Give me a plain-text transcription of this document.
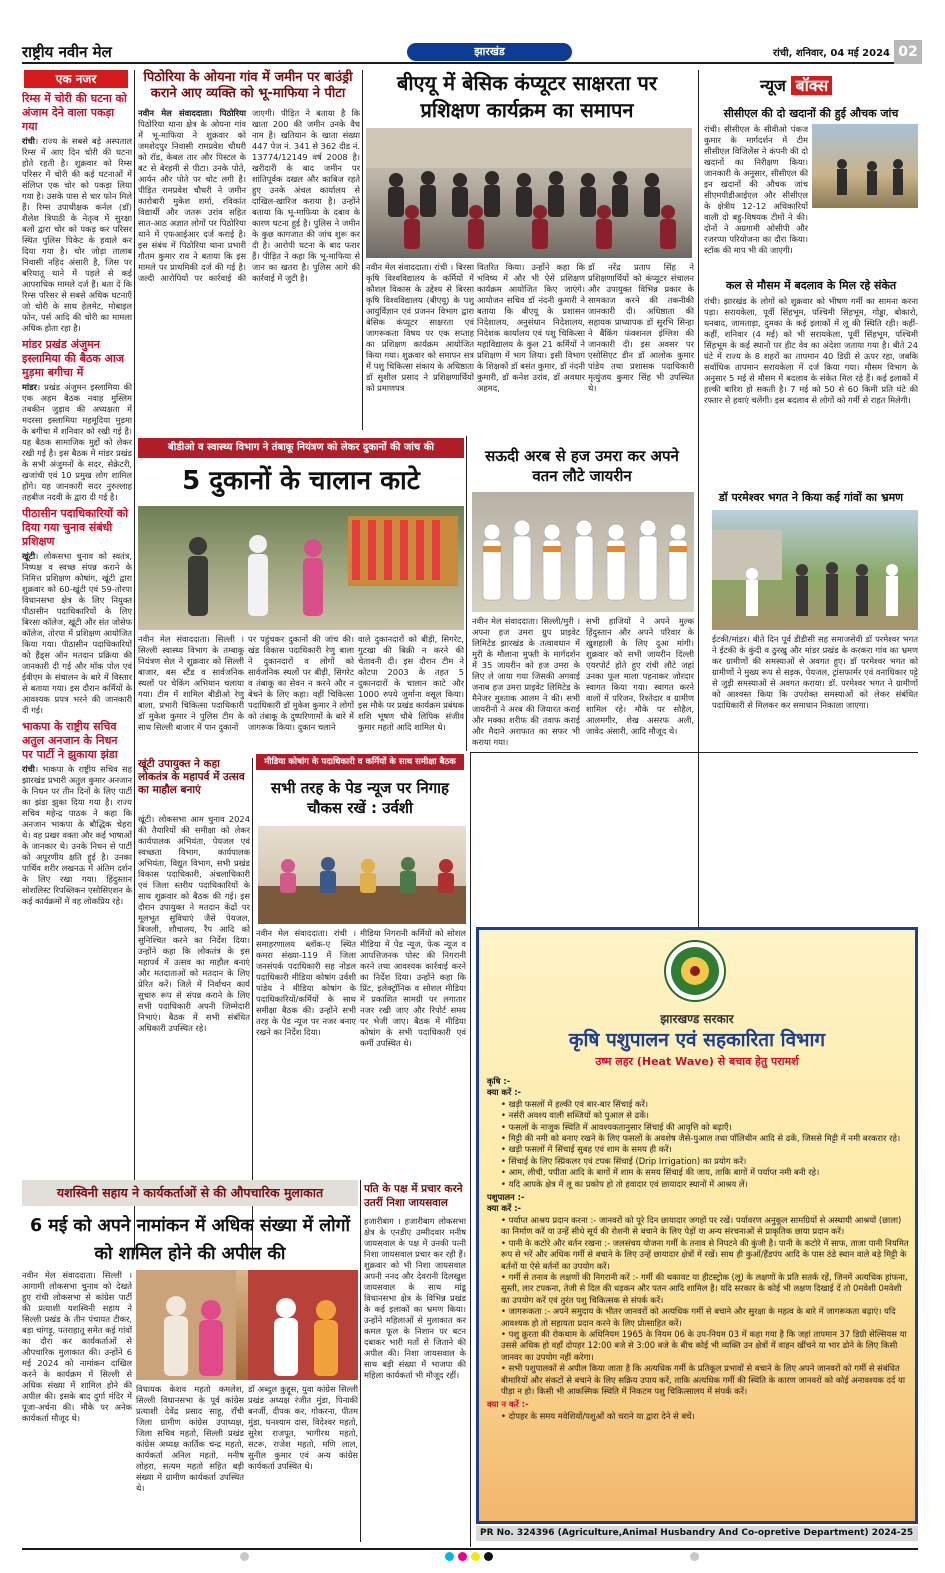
राष्ट्रीय नवीन मेल	झारखंड	रांची, शनिवार, 04 मई 2024 02
एक नजर
रिम्स में चोरी की घटना को अंजाम देने वाला पकड़ा गया
रांची। राज्य के सबसे बड़े अस्पताल रिम्स में आए दिन चोरी की घटना होते रहती है। शुक्रवार को रिम्स परिसर में चोरी की कई घटनाओं में संलिप्त एक चोर को पकड़ा लिया गया है। उसके पास से चार फोन मिले हैं। रिम्स उपाधीक्षक कर्नल (डॉ) शैलेश त्रिपाठी के नेतृत्व में सुरक्षा बलों द्वारा चोर को पकड़ कर परिसर स्थित पुलिस पिकेट के हवाले कर दिया गया है। चोर जोड़ा तालाब निवासी नहिद अंसारी है, जिस पर बरियातू थाने में पहले से कई आपराधिक मामले दर्ज हैं। बता दें कि रिम्स परिसर से सबसे अधिक घटनाएँ जो चोरी के साथ हेलमेट, मोबाइल फोन, पर्स आदि की चोरी का मामला अधिक होता रहा है।
मांडर प्रखंड अंजुमन इस्लामिया की बैठक आज मुड़मा बगीचा में
मांडर। प्रखंड अंजुमन इस्लामिया की एक अहम बैठक नवाह मुस्लिम तबकीन जुड़ाव की अध्यक्षता में मदरसा इस्लामिया महमूदिया मुड़मा के बगीचा में शनिवार को रखी गई है। यह बैठक सामाजिक मुद्दों को लेकर रखी गई है। इस बैठक में मांडर प्रखंड के सभी अंजुमनों के सदर, सेक्रेटरी, खजांची एवं 10 प्रमुख लोग शामिल होंगे। यह जानकारी सदर नुरुल्लाह तहबीज नदवी के द्वारा दी गई है।
पीठासीन पदाधिकारियों को दिया गया चुनाव संबंधी प्रशिक्षण
खूंटी। लोकसभा चुनाव को स्वतंत्र, निष्पक्ष व स्वच्छ संपन्न कराने के निमित्त प्रशिक्षण कोषांग, खूंटी द्वारा शुक्रवार को 60-खूंटी एवं 59-तोरपा विधानसभा क्षेत्र के लिए नियुक्त पीठासीन पदाधिकारियों के लिए बिरसा कॉलेज, खूंटी और संत जोसेफ कॉलेज, तोरपा में प्रशिक्षण आयोजित किया गया। पीठासीन पदाधिकारियों को हैंड्स ऑन मतदान प्रक्रिया की जानकारी दी गई और मॉक पोल एवं ईवीएम के संचालन के बारे में विस्तार से बताया गया। इस दौरान कर्मियों के आवश्यक प्रपत्र भरने की जानकारी दी गई।
भाकपा के राष्ट्रीय सचिव अतुल अनजान के निधन पर पार्टी ने झुकाया झंडा
रांची। भाकपा के राष्ट्रीय सचिव सह झारखंड प्रभारी अतुल कुमार अनजान के निधन पर तीन दिनों के लिए पार्टी का झंडा झुका दिया गया है। राज्य सचिव महेन्द्र पाठक ने कहा कि अनजान भाकपा के बौद्धिक चेहरा थे। वह प्रखर वक्ता और कई भाषाओं के जानकार थे। उनके निधन से पार्टी को अपूरणीय क्षति हुई है। उनका पार्थिव शरीर लखनऊ में अंतिम दर्शन के लिए रखा गया। हिंदुस्तान सोशलिस्ट रिपब्लिकन एसोसिएशन के कई कार्यक्रमों में वह लोकप्रिय रहे।
पिठोरिया के ओयना गांव में जमीन पर बाउंड्री कराने आए व्यक्ति को भू-माफिया ने पीटा
नवीन मेल संवाददाता। पिठोरिया पिठोरिया थाना क्षेत्र के ओयना गांव में भू-माफिया ने शुक्रवार को जमशेदपुर निवासी रामप्रवेश चौधरी को रॉड, केबल तार और पिस्टल के बट से बेरहमी से पीटा। उनके पोते, आर्यन और पोते पर चोट लगी है। पीड़ित रामप्रवेश चौधरी ने जमीन कारोबारी मुकेश शर्मा, रविकांत विद्यार्थी और जतरू उरांव सहित सात-आठ अज्ञात लोगों पर पिठोरिया थाने में एफआईआर दर्ज कराई है। इस संबंध में पिठोरिया थाना प्रभारी गौतम कुमार राव ने बताया कि इस मामले पर प्राथमिकी दर्ज की गई है। जल्दी आरोपियों पर कार्रवाई की जाएगी। पीड़ित ने बताया है कि खाता 200 की जमीन उनके वैध नाम है। खतियान के खाता संख्या 447 पेज नं. 341 से 362 दीड नं. 13774/12149 वर्ष 2008 है। खरीदारी के बाद जमीन पर शांतिपूर्वक दखल और काबिज रहते हुए उनके अंचल कार्यालय से दाखिल-खारिज कराया है। उन्होंने बताया कि भू-माफिया के दबाव के कारण घटना हुई है। पुलिस ने जमीन के कुछ कागजात की जांच शुरू कर दी है। आरोपी घटना के बाद फरार हैं। पीड़ित ने कहा कि भू-माफिया से जान का खतरा है। पुलिस आगे की कार्रवाई में जुटी है।
बीएयू में बेसिक कंप्यूटर साक्षरता पर प्रशिक्षण कार्यक्रम का समापन
नवीन मेल संवाददाता। रांची । बिरसा कृषि विश्वविद्यालय के कर्मियों में कौशल विकास के उद्देश्य से बिरसा कृषि विश्वविद्यालय (बीएयू) के पशु आयुर्विज्ञान एवं प्रजनन विभाग द्वारा बेसिक कंप्यूटर साक्षरता एवं जागरूकता विषय पर एक सप्ताह का प्रशिक्षण कार्यक्रम आयोजित किया गया। शुक्रवार को समापन सत्र में पशु चिकित्सा संकाय के अधिष्ठाता डॉ सुशील प्रसाद ने प्रशिक्षणार्थियों को प्रमाणपत्र
वितरित किया। उन्होंने कहा कि भविष्य में और भी ऐसे प्रशिक्षण कार्यक्रम आयोजित किए जाएंगे। आयोजन सचिव डॉ नंदनी कुमारी ने बताया कि बीएयू के प्रशासन निदेशालय, अनुसंधान निदेशालय, निदेशक कार्यालय एवं पशु चिकित्सा महाविद्यालय के कुल 21 कर्मियों ने प्रशिक्षण में भाग लिया। इसी विभाग के शिक्षकों डॉ बसंत कुमार, डॉ नंदनी कुमारी, डॉ कनेश उरांव, डॉ अवधार अहमद,
डॉ नरेंद्र प्रताप सिंह ने प्रशिक्षणार्थियों को कंप्यूटर संचालन और उपायुक्त विभिन्न प्रकार के सामकाज करने की तकनीकी जानकारी दी। अधिष्ठाता की सहायक प्राध्यापक डॉ सुरभि सिन्हा ने बैंकिंग फंक्शनल इंग्लिश की जानकारी दी। इस अवसर पर एसोसिएट डीन डॉ आलोक कुमार पांडेय तथा प्रशासक पदाधिकारी मृत्युंजय कुमार सिंह भी उपस्थित थे।
बीडीओ व स्वास्थ्य विभाग ने तंबाकू नियंत्रण को लेकर दुकानों की जांच की
5 दुकानों के चालान काटे
नवीन मेल संवाददाता। सिल्ली । सिल्ली स्वास्थ्य विभाग के तम्बाकू नियंत्रण सेल ने शुक्रवार को सिल्ली बाजार, बस स्टैंड व सार्वजनिक स्थलों पर चेकिंग अभियान चलाया गया। टीम में शामिल बीडीओ रेणु बाला, प्रभारी चिकित्सा पदाधिकारी डॉ मुकेश कुमार ने पुलिस टीम के साथ सिल्ली बाजार में पान दुकानों
पर पहुंचकर दुकानों की जांच की। खंड विकास पदाधिकारी रेणु बाला ने दुकानदारों व लोगों को सार्वजनिक स्थलों पर बीड़ी, सिगरेट व तंबाकू का सेवन न करने और न बेचने के लिए कहा। वहीं चिकित्सा पदाधिकारी डॉ मुकेश कुमार ने लोगों को तंबाकू के दुष्परिणामों के बारे में जागरूक किया। दुकान चलाने
वाले दुकानदारों को बीड़ी, सिगरेट, गुटखा की बिक्री न करने की चेतावनी दी। इस दौरान टीम ने कोटपा 2003 के तहत 5 दुकानदारों के चालान काटे और 1000 रुपये जुर्माना वसूल किया। इस मौके पर प्रखंड कार्यक्रम प्रबंधक शशि भूषण चौबे लिपिक संजीव कुमार महतो आदि शामिल थे।
सऊदी अरब से हज उमरा कर अपने वतन लौटे जायरीन
नवीन मेल संवाददाता। सिल्ली/मुरी । अपना हज उमरा ग्रुप प्राइवेट लिमिटेड झारखंड के तत्वावधान में मुरी के मौलाना मुफ्ती के मार्गदर्शन में 35 जायरीन को हज उमरा के लिए ले जाया गया जिसकी अगवाई जनाब हज उमरा प्राइवेट लिमिटेड के मैनेजर मुश्ताक आलम ने की। सभी जायरीनों ने अरब की जियारत कराई और मक्का शरीफ की तवाफ कराई और मैदाने अराफात का सफर भी कराया गया।
सभी हाजियों ने अपने मुल्क हिंदुस्तान और अपने परिवार के खुशहाली के लिए दुआ मांगी। शुक्रवार को सभी जायरीन दिल्ली एयरपोर्ट होते हुए रांची लौटे जहां उनका फूल माला पहनाकर जोरदार स्वागत किया गया। स्वागत करने वालों में परिजन, रिश्तेदार व ग्रामीण शामिल रहे। मौके पर सोहैल, आलमगीर, शेख असरफ अली, जावेद अंसारी, आदि मौजूद थे।
न्यूज बॉक्स
सीसीएल की दो खदानों की हुई औचक जांच
रांची। सीसीएल के सीवीओ पंकज कुमार के मार्गदर्शन में टीम सीसीएल विजिलेंस ने कंपनी की दो खदानों का निरीक्षण किया। जानकारी के अनुसार, सीसीएल की इन खदानों की औचक जांच सीएमपीडीआईएल और सीसीएल के क्षेत्रीय 12-12 अधिकारियों वाली दो बहु-विषयक टीमों ने की। दोनों ने अग्रगामी ओसीपी और रजरप्पा परियोजना का दौरा किया। स्टॉक की माप भी की जाएगी।
कल से मौसम में बदलाव के मिल रहे संकेत
रांची। झारखंड के लोगों को शुक्रवार को भीषण गर्मी का सामना करना पड़ा। सरायकेला, पूर्वी सिंहभूम, पश्चिमी सिंहभूम, गोड्डा, बोकारो, धनबाद, जामताड़ा, दुमका के कई इलाकों में लू की स्थिति रही। कहीं-कहीं, शनिवार (4 मई) को भी सरायकेला, पूर्वी सिंहभूम, पश्चिमी सिंहभूम के कई स्थानों पर हीट वेव का अंदेशा जताया गया है। बीते 24 घंटे में राज्य के 8 शहरों का तापमान 40 डिग्री से ऊपर रहा, जबकि सर्वाधिक तापमान सरायकेला में दर्ज किया गया। मौसम विभाग के अनुसार 5 मई से मौसम में बदलाव के संकेत मिल रहे हैं। कई इलाकों में हल्की बारिश हो सकती है। 7 मई को 50 से 60 किमी प्रति घंटे की रफ्तार से हवाएं चलेंगी। इस बदलाव से लोगों को गर्मी से राहत मिलेगी।
डॉ परमेश्वर भगत ने किया कई गांवों का भ्रमण
ईटकी/मांडर। बीते दिन पूर्व डीडीसी सह समाजसेवी डॉ परमेश्वर भगत ने ईटकी के कुंदी व ठुरखु और मांडर प्रखंड के करकरा गांव का भ्रमण कर ग्रामीणों की समस्याओं से अवगत हुए। डॉ परमेश्वर भगत को ग्रामीणों ने मुख्य रूप से सड़क, पेयजल, ट्रांसफार्मर एवं वनाधिकार पट्टे से जुड़ी समस्याओं से अवगत कराया। डॉ. परमेश्वर भगत ने ग्रामीणों को आश्वस्त किया कि उपरोक्त समस्याओं को लेकर संबंधित पदाधिकारी से मिलकर कर समाधान निकाला जाएगा।
खूंटी उपायुक्त ने कहा लोकतंत्र के महापर्व में उत्सव का माहौल बनाएं
खूंटी। लोकसभा आम चुनाव 2024 की तैयारियों की समीक्षा को लेकर कार्यपालक अभियंता, पेयजल एवं स्वच्छता विभाग, कार्यपालक अभियंता, विद्युत विभाग, सभी प्रखंड विकास पदाधिकारी, अंचलाधिकारी एवं जिला स्तरीय पदाधिकारियों के साथ शुक्रवार को बैठक की गई। इस दौरान उपायुक्त ने मतदान केंद्रों पर मूलभूत सुविधाएं जैसे पेयजल, बिजली, शौचालय, रैंप आदि को सुनिश्चित करने का निर्देश दिया। उन्होंने कहा कि लोकतंत्र के इस महापर्व में उत्सव का माहौल बनाएं और मतदाताओं को मतदान के लिए प्रेरित करें। जिले में निर्वाचन कार्य सुचारु रूप से संपन्न कराने के लिए सभी पदाधिकारी अपनी जिम्मेदारी निभाएं। बैठक में सभी संबंधित अधिकारी उपस्थित रहे।
मीडिया कोषांग के पदाधिकारी व कर्मियों के साथ समीक्षा बैठक
सभी तरह के पेड न्यूज पर निगाह चौकस रखें : उर्वशी
नवीन मेल संवाददाता। रांची । समाहरणालय ब्लॉक-ए स्थित कमरा संख्या-119 में जिला जनसंपर्क पदाधिकारी सह नोडल पदाधिकारी मीडिया कोषांग उर्वशी पांडेय ने मीडिया कोषांग के पदाधिकारियों/कर्मियों के साथ समीक्षा बैठक की। उन्होंने सभी तरह के पेड न्यूज पर नजर बनाए रखने का निर्देश दिया।
मीडिया निगरानी कर्मियों को सोशल मीडिया में पेड न्यूज, फेक न्यूज व आपत्तिजनक पोस्ट की निगरानी करने तथा आवश्यक कार्रवाई करने का निर्देश दिया। उन्होंने कहा कि प्रिंट, इलेक्ट्रॉनिक व सोशल मीडिया में प्रकाशित सामग्री पर लगातार नजर रखी जाए और रिपोर्ट समय पर भेजी जाए। बैठक में मीडिया कोषांग के सभी पदाधिकारी एवं कर्मी उपस्थित थे।
यशस्विनी सहाय ने कार्यकर्ताओं से की औपचारिक मुलाकात
6 मई को अपने नामांकन में अधिक संख्या में लोगों को शामिल होने की अपील की
नवीन मेल संवाददाता। सिल्ली । आगामी लोकसभा चुनाव को देखते हुए रांची लोकसभा से कांग्रेस पार्टी की प्रत्याशी यशस्विनी सहाय ने सिल्ली प्रखंड के तीन पंचायत टीकर, बड़ा चांगड़ू, पतराहातू समेत कई गांवों का दौरा कर कार्यकर्ताओं से औपचारिक मुलाकात की। उन्होंने 6 मई 2024 को नामांकन दाखिल करने के कार्यक्रम में सिल्ली से अधिक संख्या में शामिल होने की अपील की। इसके बाद दुर्गा मंदिर में पूजा-अर्चना की। मौके पर अनेक कार्यकर्ता मौजूद थे।
विधायक केशव महतो कमलेश, सिल्ली विधानसभा के पूर्व कांग्रेस प्रत्याशी देवेंद्र प्रसाद साहू, राँची जिला ग्रामीण कांग्रेस उपाध्यक्ष, जिला सचिव महतो, सिल्ली प्रखंड कांग्रेस अध्यक्ष कार्तिक चन्द्र महतो, कार्यकर्ता अनिल महतो, मनीष लोहरा, सत्यम महतो सहित बड़ी संख्या में ग्रामीण कार्यकर्ता उपस्थित थे।
डॉ अब्दुल कुद्दूस, युवा कांग्रेस सिल्ली प्रखंड अध्यक्ष रंजीत मुंडा, पिनाकी बनर्जी, दीपक कर, गोकरना, पीतम मुंडा, घनश्याम दास, विदेश्वर महतो, सुरेश राजपूत, भागीरथ महतो, सटरू, राजेश महतो, मणि लाल, सुनील कुमार एवं अन्य कांग्रेस कार्यकर्ता उपस्थित थे।
पति के पक्ष में प्रचार करने उतरीं निशा जायसवाल
हजारीबाग । हजारीबाग लोकसभा क्षेत्र के एनडीए उम्मीदवार मनीष जायसवाल के पक्ष में उनकी पत्नी निशा जायसवाल प्रचार कर रही हैं। शुक्रवार को भी निशा जायसवाल अपनी ननद और देवरानी दिलखुश जायसवाल के साथ मांडू विधानसभा क्षेत्र के विभिन्न प्रखंड के कई इलाकों का भ्रमण किया। उन्होंने महिलाओं से मुलाकात कर कमल फूल के निशान पर बटन दबाकर भारी मतों से जिताने की अपील की। निशा जायसवाल के साथ बड़ी संख्या में भाजपा की महिला कार्यकर्ता भी मौजूद रहीं।
झारखण्ड सरकार
कृषि पशुपालन एवं सहकारिता विभाग
उष्म लहर (Heat Wave) से बचाव हेतु परामर्श
कृषि :-
क्या करें :-
• खड़ी फसलों में हल्की एवं बार-बार सिंचाई करें।
• नर्सरी अवश्य वाली सब्जियों को पुआल से ढकें।
• फसलों के नाजुक स्थिति में आवश्यकतानुसार सिंचाई की आवृत्ति को बढ़ाएँ।
• मिट्टी की नमी को बनाए रखने के लिए फसलों के अवशेष जैसे-पुआल तथा पॉलिथीन आदि से ढकें, जिससे मिट्टी में नमी बरकरार रहे।
• खड़ी फसलों में सिंचाई सुबह एवं शाम के समय ही करें।
• सिंचाई के लिए स्प्रिंकलर एवं टपक सिंचाई (Drip Irrigation) का प्रयोग करें।
• आम, लीची, पपीता आदि के बागों में शाम के समय सिंचाई की जाय, ताकि बागों में पर्याप्त नमी बनी रहे।
• यदि आपके क्षेत्र में लू का प्रकोप हो तो हवादार एवं छायादार स्थानों में आश्रय लें।
पशुपालन :-
क्या करें :-
• पर्याप्त आश्रय प्रदान करना :- जानवरों को पूरे दिन छायादार जगहों पर रखें। पर्यावरण अनुकूल सामग्रियों से अस्थायी आश्रयों (छाला) का निर्माण करें या उन्हें सीधे सूर्य की रोशनी से बचाने के लिए पेड़ों या अन्य संरचनाओं से प्राकृतिक छाया प्रदान करें।
• पानी के कटोरे और बर्तन रखना :- जलसंचय योजना गर्मी के तनाव से निपटने की कुंजी है। पानी के कटोरे में साफ, ताजा पानी नियमित रूप से भरें और अधिक गर्मी से बचाने के लिए उन्हें छायादार क्षेत्रों में रखें। साथ ही कुओं/हैंडपंप आदि के पास ठंडे स्थान वाले बड़े मिट्टी के बर्तनों या ऐसे बर्तनों का उपयोग करें।
• गर्मी से तनाव के लक्षणों की निगरानी करें :- गर्मी की थकावट या हीटस्ट्रोक (लू) के लक्षणों के प्रति सतर्क रहें, जिनमें अत्यधिक हांफना, सुस्ती, लार टपकना, तेजी से दिल की धड़कन और पतन आदि शामिल है। यदि सरकार के कोई भी लक्षण दिखाई दें तो 0मवेशी 0मवेशी का उपयोग करें एवं तुरंत पशु चिकित्सक से संपर्क करें।
• जागरूकता :- अपने समुदाय के भीतर जानवरों को अत्यधिक गर्मी से बचाने और सुरक्षा के महत्व के बारे में जागरूकता बढ़ाएं। यदि आवश्यक हो तो सहायता प्रदान करने के लिए प्रोत्साहित करें।
• पशु क्रूरता की रोकथाम के अधिनियम 1965 के नियम 06 के उप-नियम 03 में कहा गया है कि जहां तापमान 37 डिग्री सेल्सियस या उससे अधिक हो वहाँ दोपहर 12:00 बजे से 3:00 बजे के बीच कोई भी व्यक्ति उन क्षेत्रों में वाहन खींचने या भार ढोने के लिए किसी जानवर का उपयोग नहीं करेगा।
• सभी पशुपालकों से अपील किया जाता है कि अत्यधिक गर्मी के प्रतिकूल प्रभावों से बचाने के लिए अपने जानवरों को गर्मी से संबंधित बीमारियों और संकटों से बचाने के लिए सक्रिय उपाय करें, ताकि अत्यधिक गर्मी की स्थिति के कारण जानवरों को कोई अनावश्यक दर्द या पीड़ा न हो। किसी भी आकस्मिक स्थिति में निकटम पशु चिकित्सालय में संपर्क करें।
क्या न करें :-
• दोपहर के समय मवेशियों/पशुओं को चराने या द्वारा देने से बचें।
PR No. 324396 (Agriculture,Animal Husbandry And Co-opretive Department) 2024-25
